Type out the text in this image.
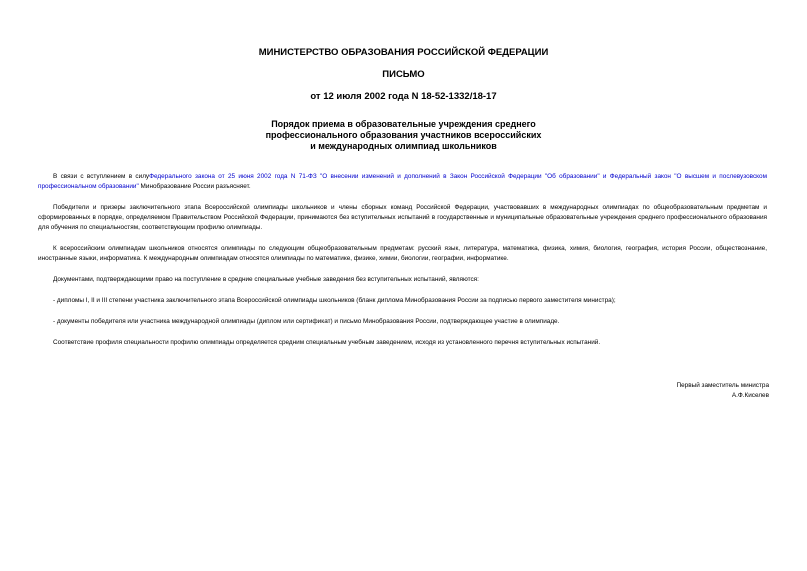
МИНИСТЕРСТВО ОБРАЗОВАНИЯ РОССИЙСКОЙ ФЕДЕРАЦИИ
ПИСЬМО
от 12 июля 2002 года N 18-52-1332/18-17
Порядок приема в образовательные учреждения среднего
профессионального образования участников всероссийских
и международных олимпиад школьников

В связи с вступлением в силуФедерального закона от 25 июня 2002 года N 71-ФЗ "О внесении изменений и дополнений в Закон Российской Федерации "Об образовании" и Федеральный закон "О высшем и послевузовском профессиональном образовании" Минобразование России разъясняет.

Победители и призеры заключительного этапа Всероссийской олимпиады школьников и члены сборных команд Российской Федерации, участвовавших в международных олимпиадах по общеобразовательным предметам и сформированных в порядке, определяемом Правительством Российской Федерации, принимаются без вступительных испытаний в государственные и муниципальные образовательные учреждения среднего профессионального образования для обучения по специальностям, соответствующим профилю олимпиады.

К всероссийским олимпиадам школьников относятся олимпиады по следующим общеобразовательным предметам: русский язык, литература, математика, физика, химия, биология, география, история России, обществознание, иностранные языки, информатика. К международным олимпиадам относятся олимпиады по математике, физике, химии, биологии, географии, информатике.

Документами, подтверждающими право на поступление в средние специальные учебные заведения без вступительных испытаний, являются:

- дипломы I, II и III степени участника заключительного этапа Всероссийской олимпиады школьников (бланк диплома Минобразования России за подписью первого заместителя министра);

- документы победителя или участника международной олимпиады (диплом или сертификат) и письмо Минобразования России, подтверждающее участие в олимпиаде.

Соответствие профиля специальности профилю олимпиады определяется средним специальным учебным заведением, исходя из установленного перечня вступительных испытаний.

Первый заместитель министра
А.Ф.Киселев
